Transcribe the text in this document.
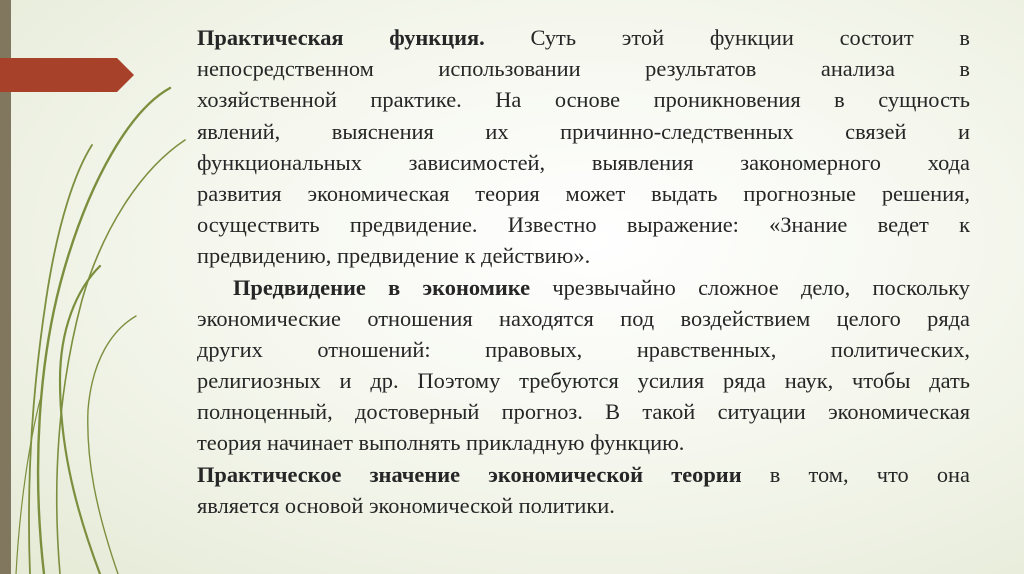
Практическая функция. Суть этой функции состоит в
непосредственном использовании результатов анализа в
хозяйственной практике. На основе проникновения в сущность
явлений, выяснения их причинно-следственных связей и
функциональных зависимостей, выявления закономерного хода
развития экономическая теория может выдать прогнозные решения,
осуществить предвидение. Известно выражение: «Знание ведет к
предвидению, предвидение к действию».
Предвидение в экономике чрезвычайно сложное дело, поскольку
экономические отношения находятся под воздействием целого ряда
других отношений: правовых, нравственных, политических,
религиозных и др. Поэтому требуются усилия ряда наук, чтобы дать
полноценный, достоверный прогноз. В такой ситуации экономическая
теория начинает выполнять прикладную функцию.
Практическое значение экономической теории в том, что она
является основой экономической политики.
